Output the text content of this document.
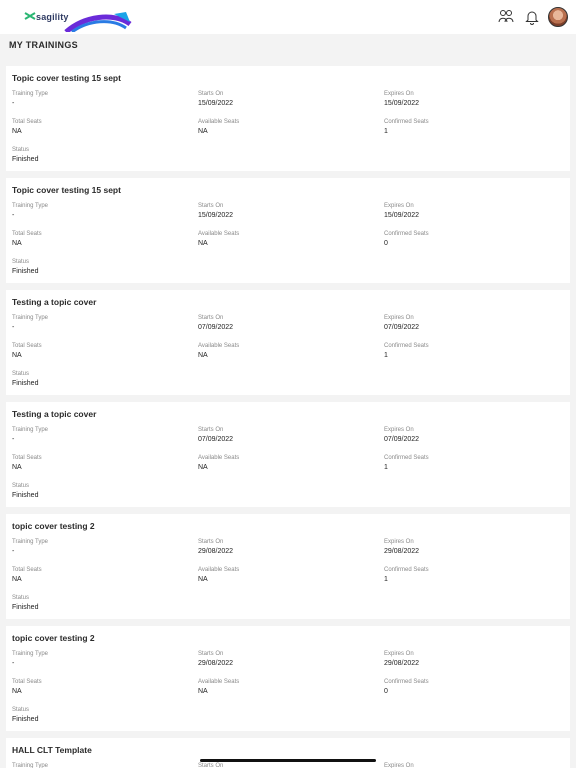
sagility
MY TRAININGS
Topic cover testing 15 sept
Training Type
-
Starts On
15/09/2022
Expires On
15/09/2022
Total Seats
NA
Available Seats
NA
Confirmed Seats
1
Status
Finished
Topic cover testing 15 sept
Training Type
-
Starts On
15/09/2022
Expires On
15/09/2022
Total Seats
NA
Available Seats
NA
Confirmed Seats
0
Status
Finished
Testing a topic cover
Training Type
-
Starts On
07/09/2022
Expires On
07/09/2022
Total Seats
NA
Available Seats
NA
Confirmed Seats
1
Status
Finished
Testing a topic cover
Training Type
-
Starts On
07/09/2022
Expires On
07/09/2022
Total Seats
NA
Available Seats
NA
Confirmed Seats
1
Status
Finished
topic cover testing 2
Training Type
-
Starts On
29/08/2022
Expires On
29/08/2022
Total Seats
NA
Available Seats
NA
Confirmed Seats
1
Status
Finished
topic cover testing 2
Training Type
-
Starts On
29/08/2022
Expires On
29/08/2022
Total Seats
NA
Available Seats
NA
Confirmed Seats
0
Status
Finished
HALL CLT Template
Training Type	Starts On	Expires On
